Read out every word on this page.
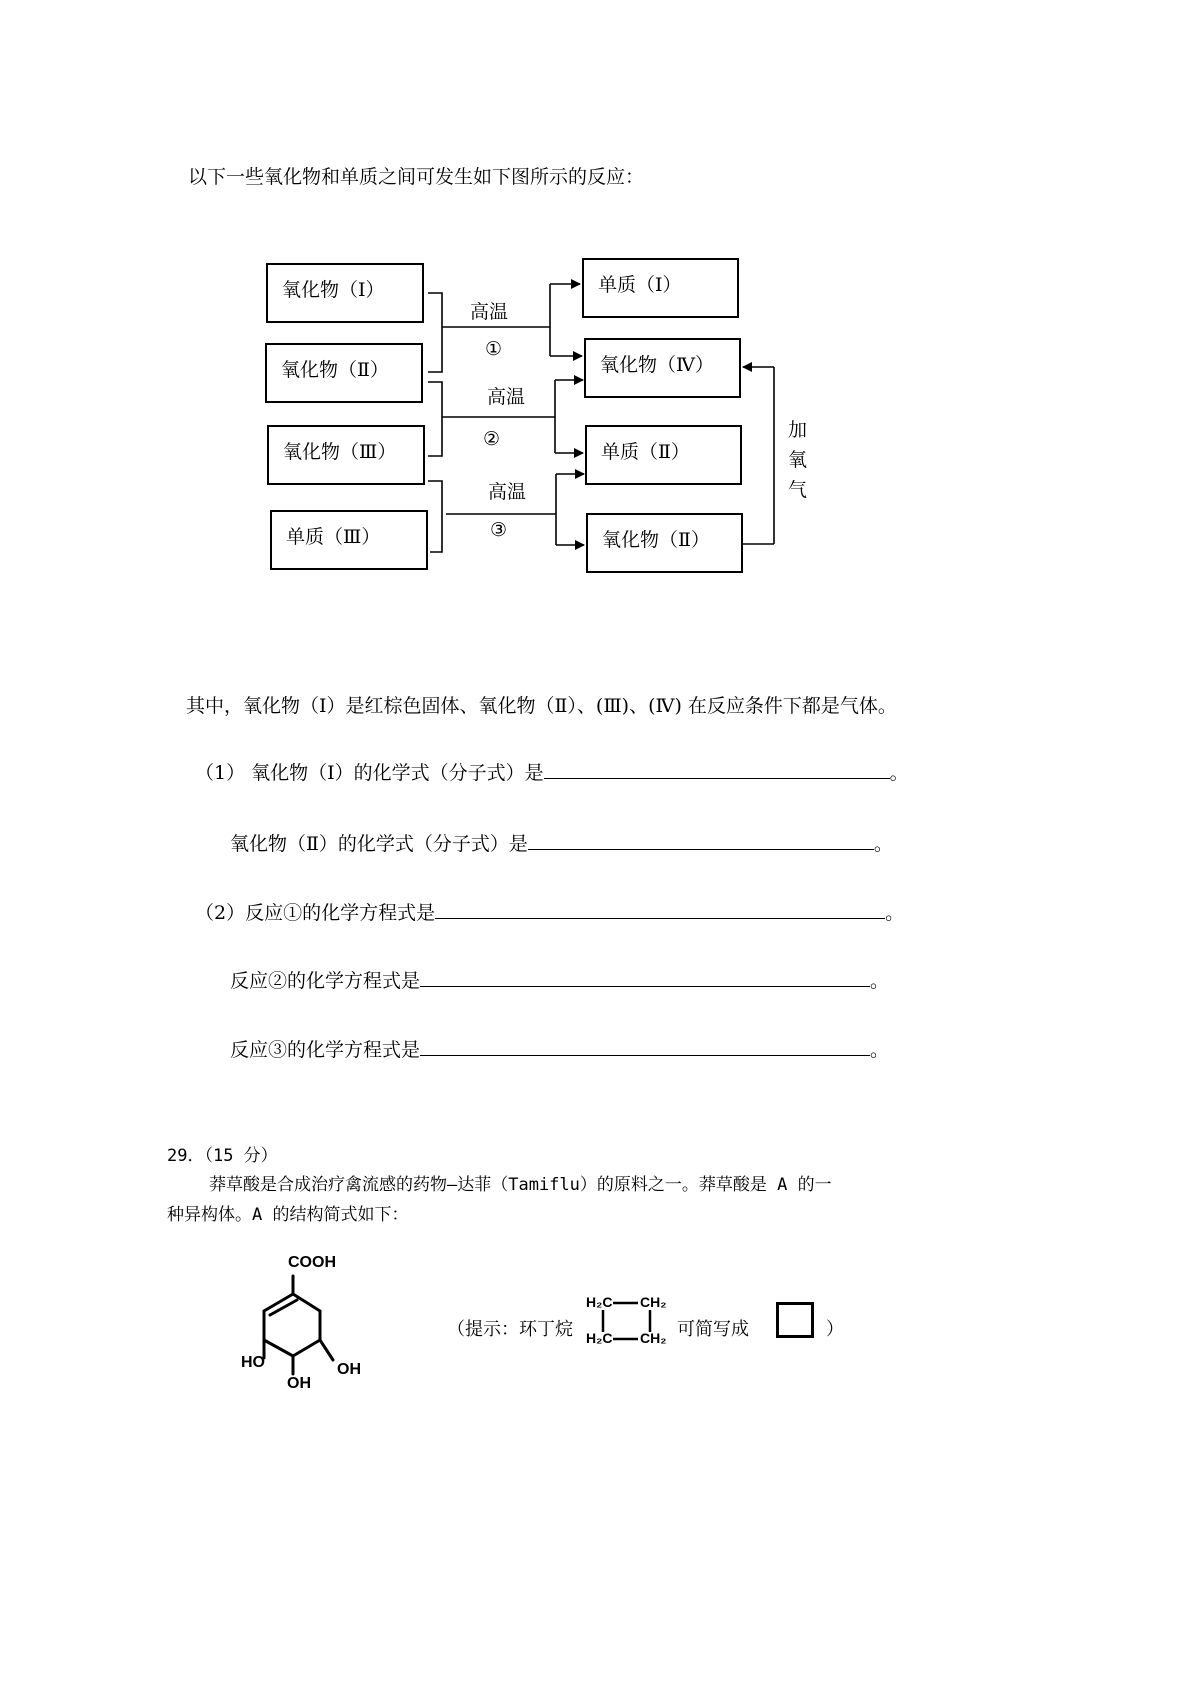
以下一些氧化物和单质之间可发生如下图所示的反应：
氧化物（Ⅰ）
氧化物（Ⅱ）
氧化物（Ⅲ）
单质（Ⅲ）
单质（Ⅰ）
氧化物（Ⅳ）
单质（Ⅱ）
氧化物（Ⅱ）
高温
①
高温
②
高温
③
加
氧
气
其中，氧化物（Ⅰ）是红棕色固体、氧化物（Ⅱ）、(Ⅲ)、(Ⅳ) 在反应条件下都是气体。
（1） 氧化物（Ⅰ）的化学式（分子式）是	。
氧化物（Ⅱ）的化学式（分子式）是	。
（2）反应①的化学方程式是	。
反应②的化学方程式是	。
反应③的化学方程式是	。
29．（15 分）
莽草酸是合成治疗禽流感的药物—达菲（Tamiflu）的原料之一。莽草酸是 A 的一
种异构体。A 的结构简式如下：
COOH
HO
OH
OH
（提示：环丁烷
H₂C CH₂
H₂C CH₂ 可简写成	）
